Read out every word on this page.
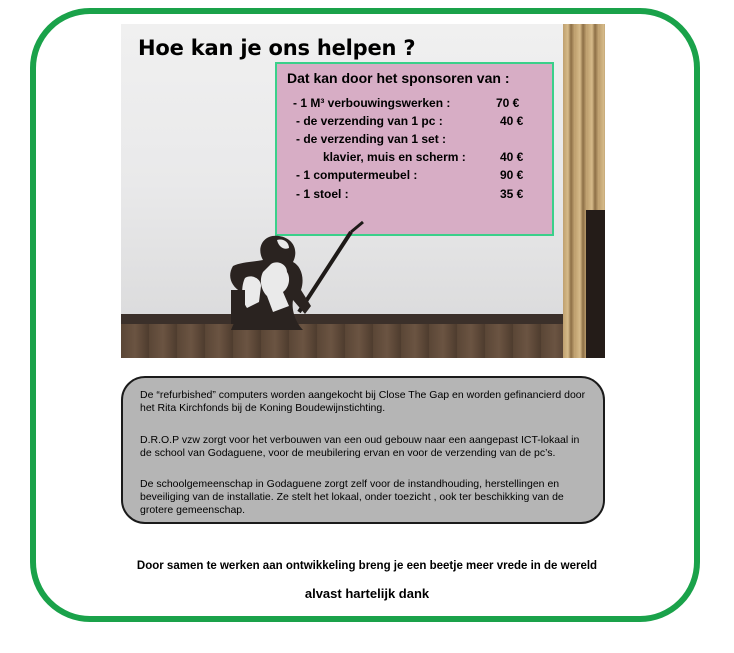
Hoe kan je ons helpen ?
Dat kan door het sponsoren van :
- 1 M³ verbouwingswerken :	70 €
- de verzending van 1 pc :	40 €
- de verzending van 1 set :
klavier, muis en scherm :	40 €
- 1 computermeubel :	90 €
- 1 stoel :	35 €
De “refurbished” computers worden aangekocht bij Close The Gap en worden gefinancierd door het Rita Kirchfonds bij de Koning Boudewijnstichting.
D.R.O.P vzw zorgt voor het verbouwen van een oud gebouw naar een aangepast ICT-lokaal in de school van Godaguene, voor de meubilering ervan en voor de verzending van de pc’s.
De schoolgemeenschap in Godaguene zorgt zelf voor de instandhouding, herstellingen en beveiliging van de installatie. Ze stelt het lokaal, onder toezicht , ook ter beschikking van de grotere gemeenschap.
Door samen te werken aan ontwikkeling breng je een beetje meer vrede in de wereld
alvast hartelijk dank
